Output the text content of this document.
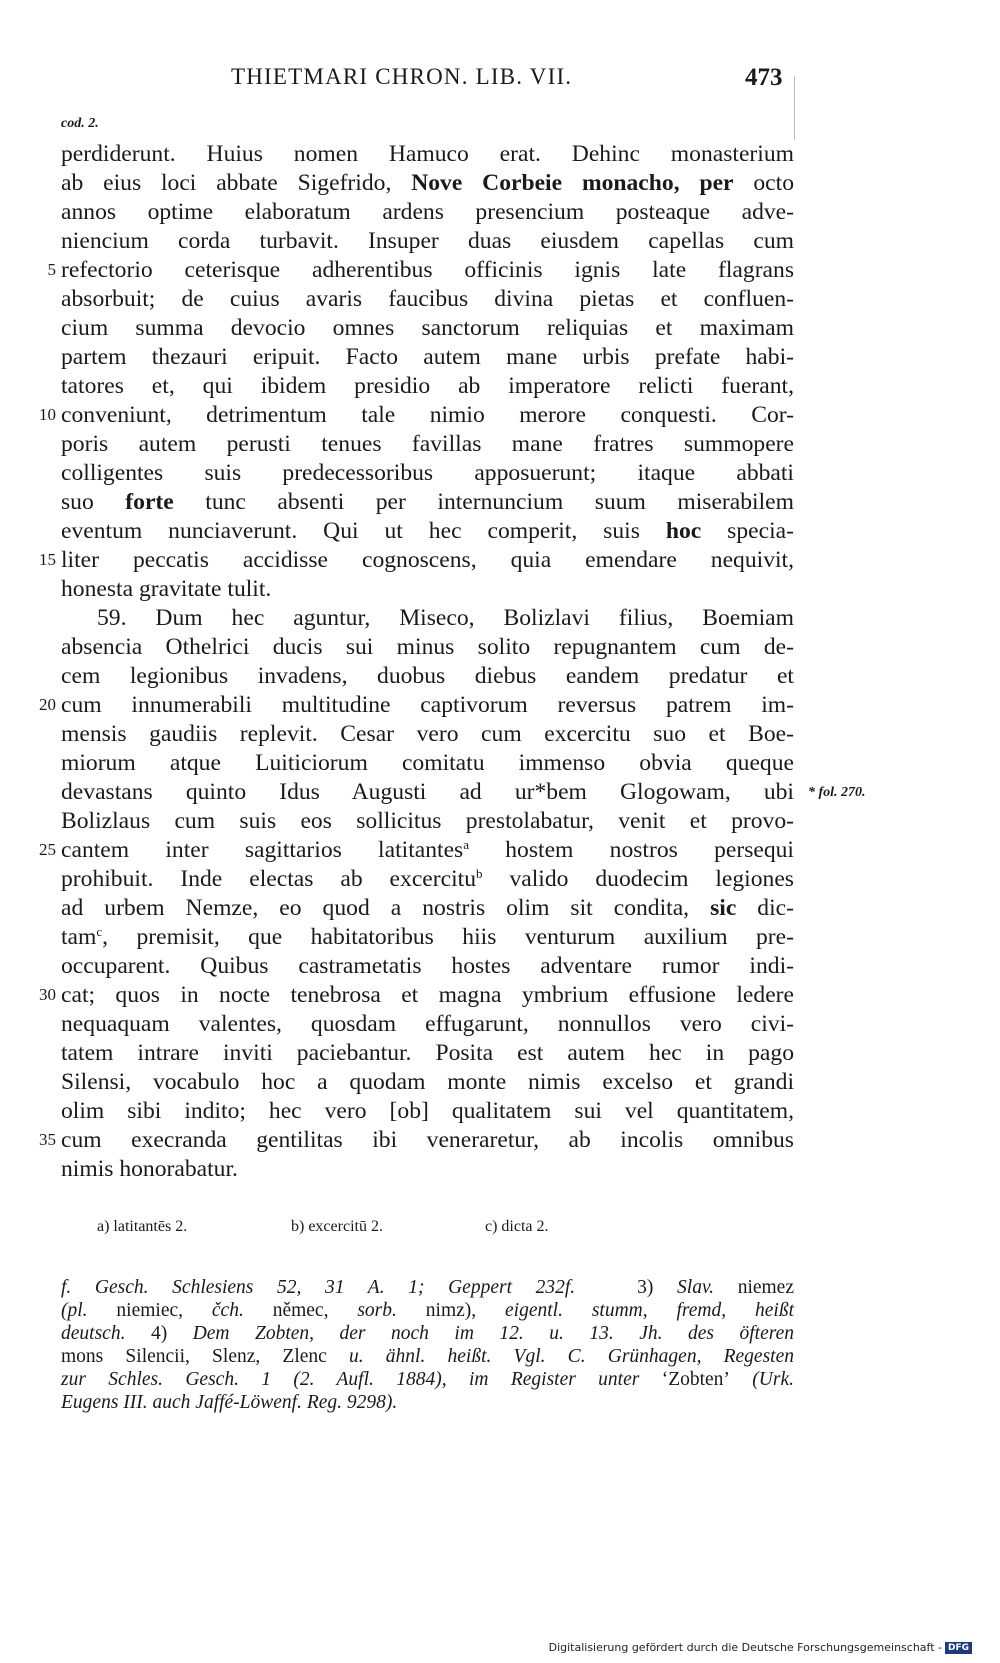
THIETMARI CHRON. LIB. VII.	473
cod. 2.
perdiderunt. Huius nomen Hamuco erat. Dehinc monasterium
ab eius loci abbate Sigefrido, Nove Corbeie monacho, per octo
annos optime elaboratum ardens presencium posteaque adve-
niencium corda turbavit. Insuper duas eiusdem capellas cum
5 refectorio ceterisque adherentibus officinis ignis late flagrans
absorbuit; de cuius avaris faucibus divina pietas et confluen-
cium summa devocio omnes sanctorum reliquias et maximam
partem thezauri eripuit. Facto autem mane urbis prefate habi-
tatores et, qui ibidem presidio ab imperatore relicti fuerant,
10 conveniunt, detrimentum tale nimio merore conquesti. Cor-
poris autem perusti tenues favillas mane fratres summopere
colligentes suis predecessoribus apposuerunt; itaque abbati
suo forte tunc absenti per internuncium suum miserabilem
eventum nunciaverunt. Qui ut hec comperit, suis hoc specia-
15 liter peccatis accidisse cognoscens, quia emendare nequivit,
honesta gravitate tulit.
59. Dum hec aguntur, Miseco, Bolizlavi filius, Boemiam
absencia Othelrici ducis sui minus solito repugnantem cum de-
cem legionibus invadens, duobus diebus eandem predatur et
20 cum innumerabili multitudine captivorum reversus patrem im-
mensis gaudiis replevit. Cesar vero cum excercitu suo et Boe-
miorum atque Luiticiorum comitatu immenso obvia queque
devastans quinto Idus Augusti ad ur*bem Glogowam, ubi * fol. 270.
Bolizlaus cum suis eos sollicitus prestolabatur, venit et provo-
25 cantem inter sagittarios latitantes$^a$ hostem nostros persequi
prohibuit. Inde electas ab excercitu$^b$ valido duodecim legiones
ad urbem Nemze, eo quod a nostris olim sit condita, sic dic-
tam$^c$, premisit, que habitatoribus hiis venturum auxilium pre-
occuparent. Quibus castrametatis hostes adventare rumor indi-
30 cat; quos in nocte tenebrosa et magna ymbrium effusione ledere
nequaquam valentes, quosdam effugarunt, nonnullos vero civi-
tatem intrare inviti paciebantur. Posita est autem hec in pago
Silensi, vocabulo hoc a quodam monte nimis excelso et grandi
olim sibi indito; hec vero [ob] qualitatem sui vel quantitatem,
35 cum execranda gentilitas ibi veneraretur, ab incolis omnibus
nimis honorabatur.
a) latitantēs 2.	b) excercitū 2.	c) dicta 2.
f. Gesch. Schlesiens 52, 31 A. 1; Geppert 232f.	3) Slav. niemez
(pl. niemiec, čch. němec, sorb. nimz), eigentl. stumm, fremd, heißt
deutsch. 4) Dem Zobten, der noch im 12. u. 13. Jh. des öfteren
mons Silencii, Slenz, Zlenc u. ähnl. heißt. Vgl. C. Grünhagen, Regesten
zur Schles. Gesch. 1 (2. Aufl. 1884), im Register unter ‘Zobten’ (Urk.
Eugens III. auch Jaffé-Löwenf. Reg. 9298).
Digitalisierung gefördert durch die Deutsche Forschungsgemeinschaft - DFG
